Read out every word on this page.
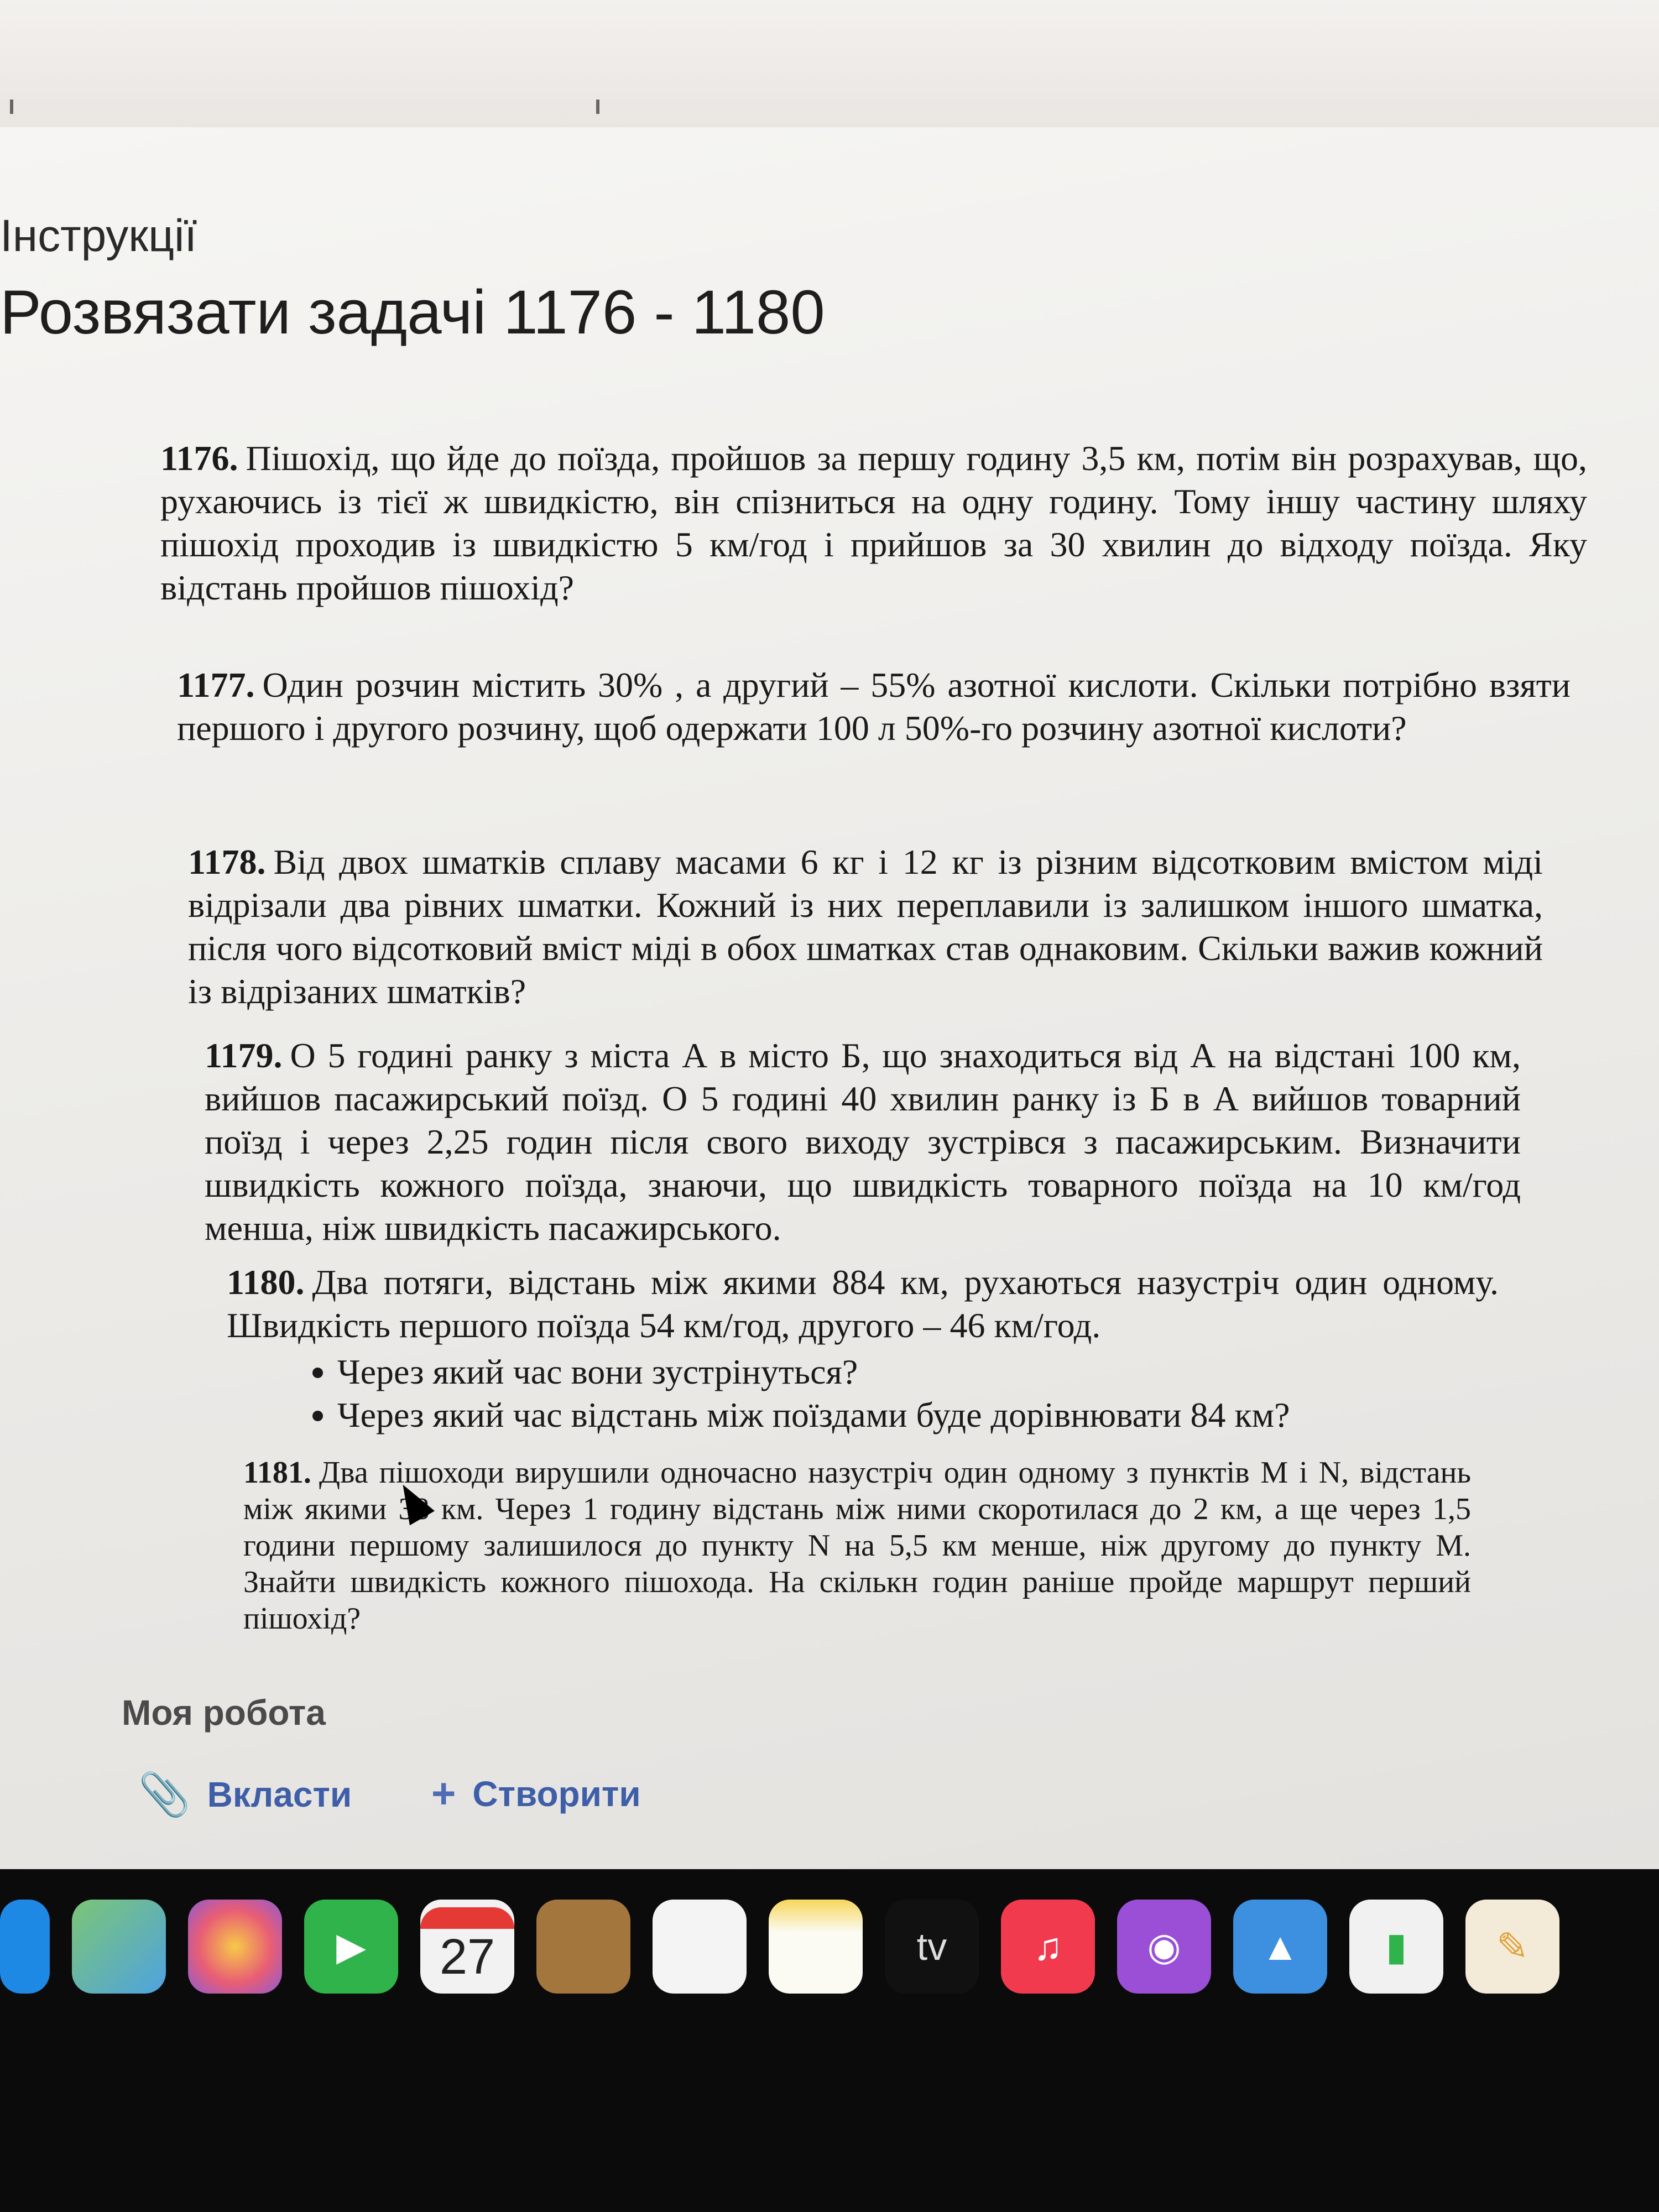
Інструкції
Розвязати задачі 1176 - 1180
1176. Пішохід, що йде до поїзда, пройшов за першу годину 3,5 км, потім він розрахував, що, рухаючись із тієї ж швидкістю, він спізниться на одну годину. Тому іншу частину шляху пішохід проходив із швидкістю 5 км/год і прийшов за 30 хвилин до відходу поїзда. Яку відстань пройшов пішохід?
1177. Один розчин містить 30% , а другий – 55% азотної кислоти. Скільки потрібно взяти першого і другого розчину, щоб одержати 100 л 50%-го розчину азотної кислоти?
1178. Від двох шматків сплаву масами 6 кг і 12 кг із різним відсотковим вмістом міді відрізали два рівних шматки. Кожний із них переплавили із залишком іншого шматка, після чого відсотковий вміст міді в обох шматках став однаковим. Скільки важив кожний із відрізаних шматків?
1179. О 5 годині ранку з міста А в місто Б, що знаходиться від А на відстані 100 км, вийшов пасажирський поїзд. О 5 годині 40 хвилин ранку із Б в А вийшов товарний поїзд і через 2,25 годин після свого виходу зустрівся з пасажирським. Визначити швидкість кожного поїзда, знаючи, що швидкість товарного поїзда на 10 км/год менша, ніж швидкість пасажирського.
1180. Два потяги, відстань між якими 884 км, рухаються назустріч один одному. Швидкість першого поїзда 54 км/год, другого – 46 км/год.
• Через який час вони зустрінуться?
• Через який час відстань між поїздами буде дорівнювати 84 км?
1181. Два пішоходи вирушили одночасно назустріч один одному з пунктів M і N, відстань між якими 38 км. Через 1 годину відстань між ними скоротилася до 2 км, а ще через 1,5 години першому залишилося до пункту N на 5,5 км менше, ніж другому до пункту М. Знайти швидкість кожного пішохода. На скількн годин раніше пройде маршрут перший пішохід?
Моя робота
📎 Вкласти + Створити
▶
	27	tv	♫	◉	▲	▮	✎
